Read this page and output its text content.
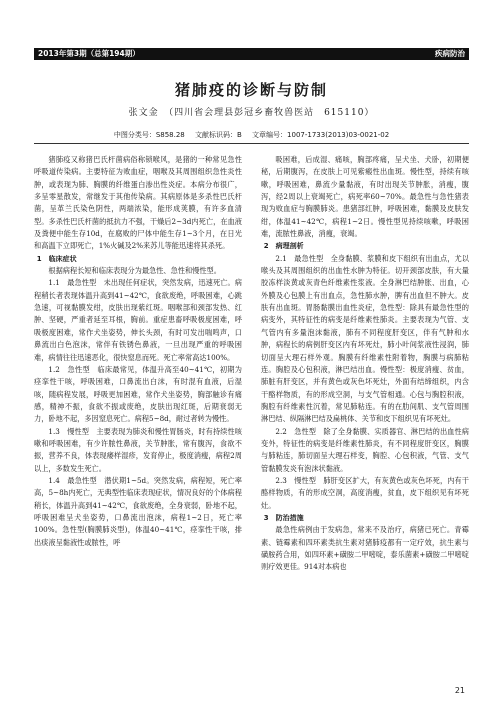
2013年第3期（总第194期）	疾病防治
猪肺疫的诊断与防制
张文金　（四川省会理县彭冠乡畜牧兽医站　615110）
中图分类号：S858.28 文献标识码：B 文章编号：1007-1733(2013)03-0021-02

猪肺疫又称猪巴氏杆菌病俗称锁喉风，是猪的一种常见急性呼吸道传染病。主要特征为败血症，咽喉及其周围组织急性炎性肿，或表现为肺、胸膜的纤维蛋白渗出性炎症。本病分布很广，多呈零星散发，常继发于其他传染病。其病原体是多杀性巴氏杆菌，呈革兰氏染色阴性，两端浓染，能形成荚膜，有许多血清型。多杀性巴氏杆菌的抵抗力不强，干燥后2~3d内死亡，在血液及粪便中能生存10d，在腐败的尸体中能生存1~3个月，在日光和高温下立即死亡，1%火碱及2%来苏儿等能迅速将其杀死。

1　临床症状

根据病程长短和临床表现分为最急性、急性和慢性型。

1.1　最急性型　未出现任何症状，突然发病，迅速死亡。病程稍长者表现体温升高到41~42℃，食欲废绝，呼吸困难，心跳急速，可视黏膜发绀，皮肤出现紫红斑。咽喉部和颈部发热、红肿、坚硬，严重者延至耳根，胸前。重症患畜呼吸极度困难，呼吸极度困难，常作犬坐姿势，伸长头颈，有时可发出喘鸣声，口鼻流出白色泡沫，常伴有铁锈色鼻液，一旦出现严重的呼吸困难，病情往往迅速恶化，很快窒息而死。死亡率常高达100%。

1.2　急性型　临床最常见，体温升高至40~41℃，初期为痉挛性干咳，呼吸困难，口鼻流出白沫，有时混有血液，后湿咳，随病程发展，呼吸更加困难，常作犬坐姿势，胸部触诊有痛感，精神不振，食欲不振或废绝，皮肤出现红斑，后期衰弱无力，卧地不起，多因窒息死亡。病程5~8d，耐过者转为慢性。

1.3　慢性型　主要表现为肺炎和慢性胃肠炎，时有持续性咳嗽和呼吸困难，有少许脓性鼻液，关节肿胀，常有腹泻，食欲不振，营养不良，体表现痿样湿疹，发育停止，极度消瘦，病程2周以上，多数发生死亡。

1.4　最急性型　潜伏期1~5d。突然发病，病程短，死亡率高，5~8h内死亡，无典型性临床表现症状，情况良好的个体病程稍长，体温升高到41~42℃，食欲废绝，全身衰弱，卧地不起，呼吸困难呈犬坐姿势，口鼻流出泡沫，病程1~2日，死亡率100%。急性型(胸膜肺炎型)，体温40~41℃，痉挛性干咳，排出痰液呈黏液性或脓性，呼

吸困难，后成湿、痛咳，胸部疼痛，呈犬坐、犬卧，初期便秘，后期腹泻，在皮肤上可见紫瘢性出血斑。慢性型，持续有咳嗽，呼吸困难，鼻流少量黏液，有时出现关节肿胀，消瘦，腹泻，经2周以上衰竭死亡，病死率60~70%。最急性与急性猪表现为败血症与胸膜肺炎。患猪部红肿，呼吸困难，黏膜及皮肤发绀，体温41~42℃，病程1~2日。慢性型见持续咳嗽，呼吸困难，流脓性鼻液，消瘦，衰竭。

2　病理剖析

2.1　最急性型　全身黏膜、浆膜和皮下组织有出血点，尤以喉头及其周围组织的出血性水肿为特征。切开颈部皮肤，有大量胶冻样淡黄或灰青色纤维素性浆液。全身淋巴结肿胀、出血，心外膜及心包膜上有出血点，急性肺水肿，脾有出血但不肿大。皮肤有出血斑。胃肠黏膜出血性炎症，急性型：除具有最急性型的病变外，其特征性的病变是纤维素性肺炎。主要表现为气管、支气管内有多量泡沫黏液，肺有不同程度肝变区，伴有气肿和水肿，病程长的病例肝变区内有坏死灶，肺小叶间浆液性浸润，肺切面呈大理石样外观。胸膜有纤维素性附着物，胸膜与病肺粘连。胸腔及心包积液，淋巴结出血。慢性型：极度消瘦、贫血，肺脏有肝变区，并有黄色或灰色坏死灶，外面有结缔组织，内含干酪样物质，有的形成空洞，与支气管相通。心包与胸腔积液，胸腔有纤维素性沉着，常见肺粘连。有的在肋间肌、支气管周围淋巴结、纵隔淋巴结及扁桃体、关节和皮下组织见有坏死灶。

2.2　急性型　除了全身黏膜、实质器官、淋巴结的出血性病变外，特征性的病变是纤维素性肺炎，有不同程度肝变区，胸膜与肺粘连，肺切面呈大理石样变，胸腔、心包积液，气管、支气管黏膜发炎有泡沫状黏液。

2.3　慢性型　肺肝变区扩大，有灰黄色或灰色坏死，内有干酪样物质，有的形成空洞，高度消瘦，贫血，皮下组织见有坏死灶。

3　防治措施

最急性病例由于发病急，常来不及治疗，病猪已死亡。青霉素、链霉素和四环素类抗生素对猪肺疫都有一定疗效，抗生素与磺胺药合用，如四环素+磺胺二甲嘧啶，泰乐菌素+磺胺二甲嘧啶则疗效更佳。914对本病也

21
